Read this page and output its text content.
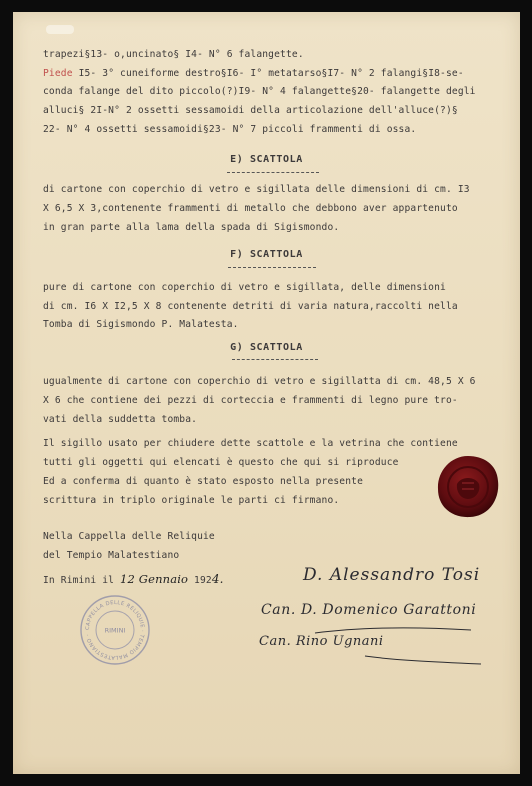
trapezi§13- o,uncinato§ I4- N° 6 falangette.
Piede I5- 3° cuneiforme destro§I6- I° metatarso§I7- N° 2 falangi§I8-se-
conda falange del dito piccolo(?)I9- N° 4 falangette§20- falangette degli
alluci§ 2I-N° 2 ossetti sessamoidi della articolazione dell'alluce(?)§
22- N° 4 ossetti sessamoidi§23- N° 7 piccoli frammenti di ossa.
E) SCATTOLA
di cartone con coperchio di vetro e sigillata delle dimensioni di cm. I3
X 6,5 X 3,contenente frammenti di metallo che debbono aver appartenuto
in gran parte alla lama della spada di Sigismondo.
F) SCATTOLA
pure di cartone con coperchio di vetro e sigillata, delle dimensioni
di cm. I6 X I2,5 X 8 contenente detriti di varia natura,raccolti nella
Tomba di Sigismondo P. Malatesta.
G) SCATTOLA
ugualmente di cartone con coperchio di vetro e sigillatta di cm. 48,5 X 6
X 6 che contiene dei pezzi di corteccia e frammenti di legno pure tro-
vati della suddetta tomba.
Il sigillo usato per chiudere dette scattole e la vetrina che contiene
tutti gli oggetti qui elencati è questo che qui si riproduce
Ed a conferma di quanto è stato esposto nella presente
scrittura in triplo originale le parti ci firmano.
Nella Cappella delle Reliquie
del Tempio Malatestiano
In Rimini il 12 Gennaio 1924.	D. Alessandro Tosi
Can. D. Domenico Garattoni
Can. Rino Ugnani
CAPPELLA DELLE RELIQUIE · TEMPIO MALATESTIANO ·
RIMINI
